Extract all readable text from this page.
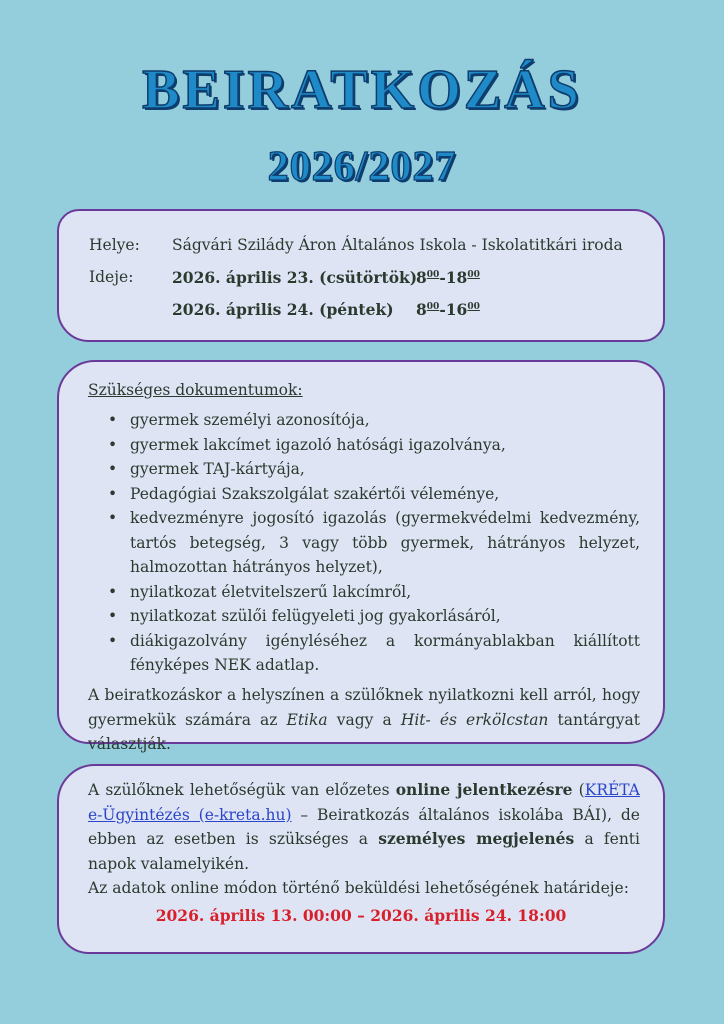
BEIRATKOZÁS
2026/2027
Helye: Ságvári Szilády Áron Általános Iskola - Iskolatitkári iroda
Ideje: 2026. április 23. (csütörtök)
$8^{00}-18^{00}$
2026. április 24. (péntek) $8^{00}-16^{00}$
Szükséges dokumentumok:
• gyermek személyi azonosítója,
• gyermek lakcímet igazoló hatósági igazolványa,
• gyermek TAJ-kártyája,
• Pedagógiai Szakszolgálat szakértői véleménye,
• kedvezményre jogosító igazolás (gyermekvédelmi kedvezmény, tartós betegség, 3 vagy több gyermek, hátrányos helyzet, halmozottan hátrányos helyzet),
• nyilatkozat életvitelszerű lakcímről,
• nyilatkozat szülői felügyeleti jog gyakorlásáról,
• diákigazolvány igényléséhez a kormányablakban kiállított fényképes NEK adatlap.
A beiratkozáskor a helyszínen a szülőknek nyilatkozni kell arról, hogy gyermekük számára az Etika vagy a Hit- és erkölcstan tantárgyat választják.
A szülőknek lehetőségük van előzetes online jelentkezésre (KRÉTA e-Ügyintézés (e-kreta.hu) – Beiratkozás általános iskolába BÁI), de ebben az esetben is szükséges a személyes megjelenés a fenti napok valamelyikén.
Az adatok online módon történő beküldési lehetőségének határideje:
2026. április 13. 00:00 – 2026. április 24. 18:00
